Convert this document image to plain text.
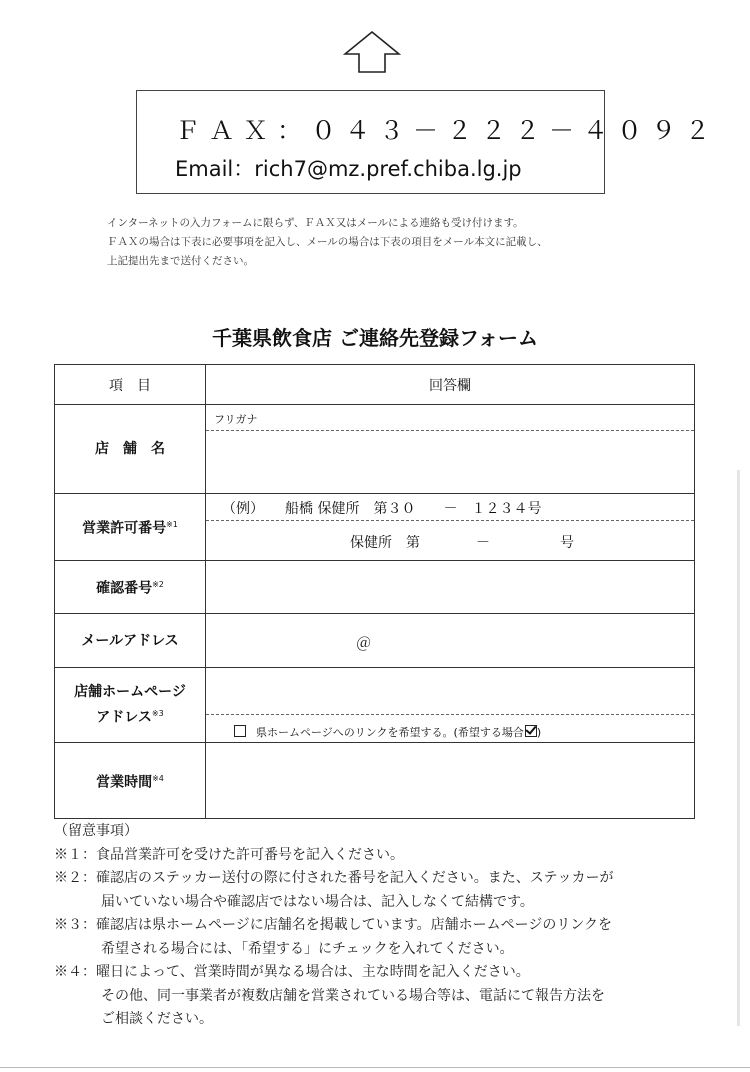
ＦＡＸ：０４３－２２２－４０９２
Email：rich7@mz.pref.chiba.lg.jp
インターネットの入力フォームに限らず、ＦＡＸ又はメールによる連絡も受け付けます。
ＦＡＸの場合は下表に必要事項を記入し、メールの場合は下表の項目をメール本文に記載し、
上記提出先まで送付ください。
千葉県飲食店 ご連絡先登録フォーム
項　目	回答欄
店　舗　名	フリガナ

営業許可番号$^{※1}$	（例）　　船橋 保健所　第３０　　－　１２３４号
保健所　第　　　　－　　　　　号

確認番号$^{※2}$	
メールアドレス	＠

店舗ホームページ
アドレス$^{※3}$	県ホームページへのリンクを希望する。(希望する場合 )

営業時間$^{※4}$	
（留意事項）
※１：食品営業許可を受けた許可番号を記入ください。
※２：確認店のステッカー送付の際に付された番号を記入ください。また、ステッカーが
届いていない場合や確認店ではない場合は、記入しなくて結構です。
※３：確認店は県ホームページに店舗名を掲載しています。店舗ホームページのリンクを
希望される場合には、「希望する」にチェックを入れてください。
※４：曜日によって、営業時間が異なる場合は、主な時間を記入ください。
その他、同一事業者が複数店舗を営業されている場合等は、電話にて報告方法を
ご相談ください。
